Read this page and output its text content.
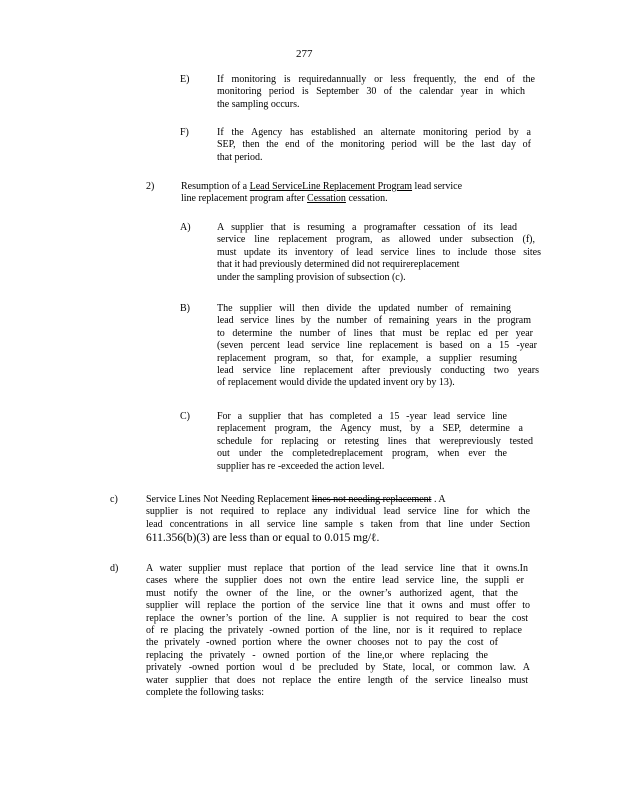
277
E)	If monitoring is requiredannually or less frequently, the end of the
monitoring period is September 30 of the calendar year in which
the sampling occurs.
F)	If the Agency has established an alternate monitoring period by a
SEP, then the end of the monitoring period will be the last day of
that period.
2)	Resumption of a Lead ServiceLine Replacement Program lead service
line replacement program after Cessation cessation.
A)	A supplier that is resuming a programafter cessation of its lead
service line replacement program, as allowed under subsection (f),
must update its inventory of lead service lines to include those sites
that it had previously determined did not requirereplacement
under the sampling provision of subsection (c).
B)	The supplier will then divide the updated number of remaining
lead service lines by the number of remaining years in the program
to determine the number of lines that must be replac ed per year
(seven percent lead service line replacement is based on a 15 -year
replacement program, so that, for example, a supplier resuming
lead service line replacement after previously conducting two years
of replacement would divide the updated invent ory by 13).
C)	For a supplier that has completed a 15 -year lead service line
replacement program, the Agency must, by a SEP, determine a
schedule for replacing or retesting lines that werepreviously tested
out under the completedreplacement program, when ever the
supplier has re -exceeded the action level.
c)	Service Lines Not Needing Replacement lines not needing replacement . A
supplier is not required to replace any individual lead service line for which the
lead concentrations in all service line sample s taken from that line under Section
611.356(b)(3) are less than or equal to 0.015 mg/ℓ.
d)	A water supplier must replace that portion of the lead service line that it owns.In
cases where the supplier does not own the entire lead service line, the suppli er
must notify the owner of the line, or the owner’s authorized agent, that the
supplier will replace the portion of the service line that it owns and must offer to
replace the owner’s portion of the line. A supplier is not required to bear the cost
of re placing the privately -owned portion of the line, nor is it required to replace
the privately -owned portion where the owner chooses not to pay the cost of
replacing the privately - owned portion of the line,or where replacing the
privately -owned portion woul d be precluded by State, local, or common law. A
water supplier that does not replace the entire length of the service linealso must
complete the following tasks:
